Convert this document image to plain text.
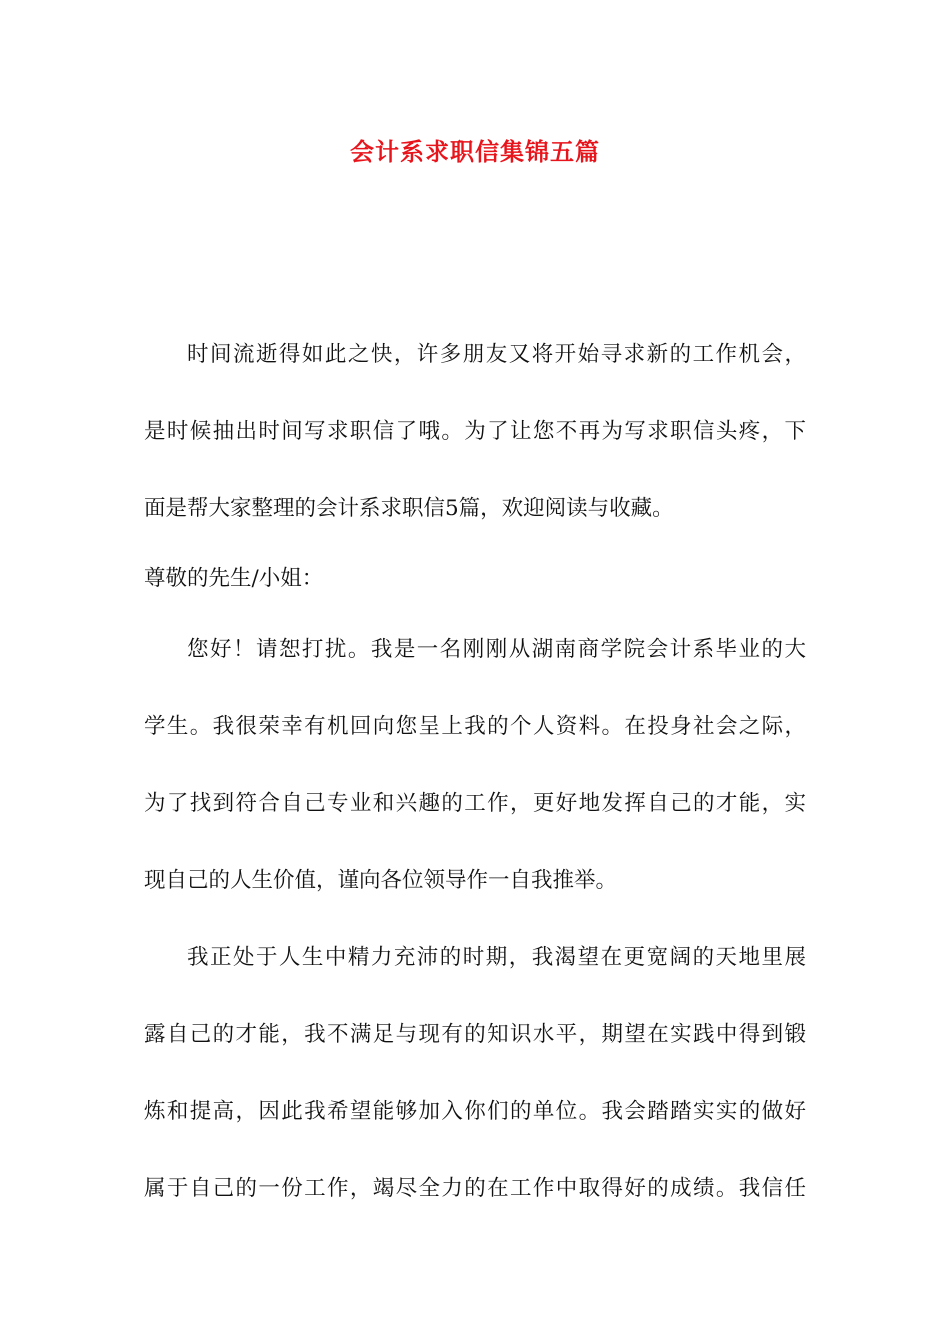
会计系求职信集锦五篇
时间流逝得如此之快，许多朋友又将开始寻求新的工作机会，
是时候抽出时间写求职信了哦。为了让您不再为写求职信头疼，下
面是帮大家整理的会计系求职信5篇，欢迎阅读与收藏。
尊敬的先生/小姐：
您好！请恕打扰。我是一名刚刚从湖南商学院会计系毕业的大
学生。我很荣幸有机回向您呈上我的个人资料。在投身社会之际，
为了找到符合自己专业和兴趣的工作，更好地发挥自己的才能，实
现自己的人生价值，谨向各位领导作一自我推举。
我正处于人生中精力充沛的时期，我渴望在更宽阔的天地里展
露自己的才能，我不满足与现有的知识水平，期望在实践中得到锻
炼和提高，因此我希望能够加入你们的单位。我会踏踏实实的做好
属于自己的一份工作，竭尽全力的在工作中取得好的成绩。我信任
